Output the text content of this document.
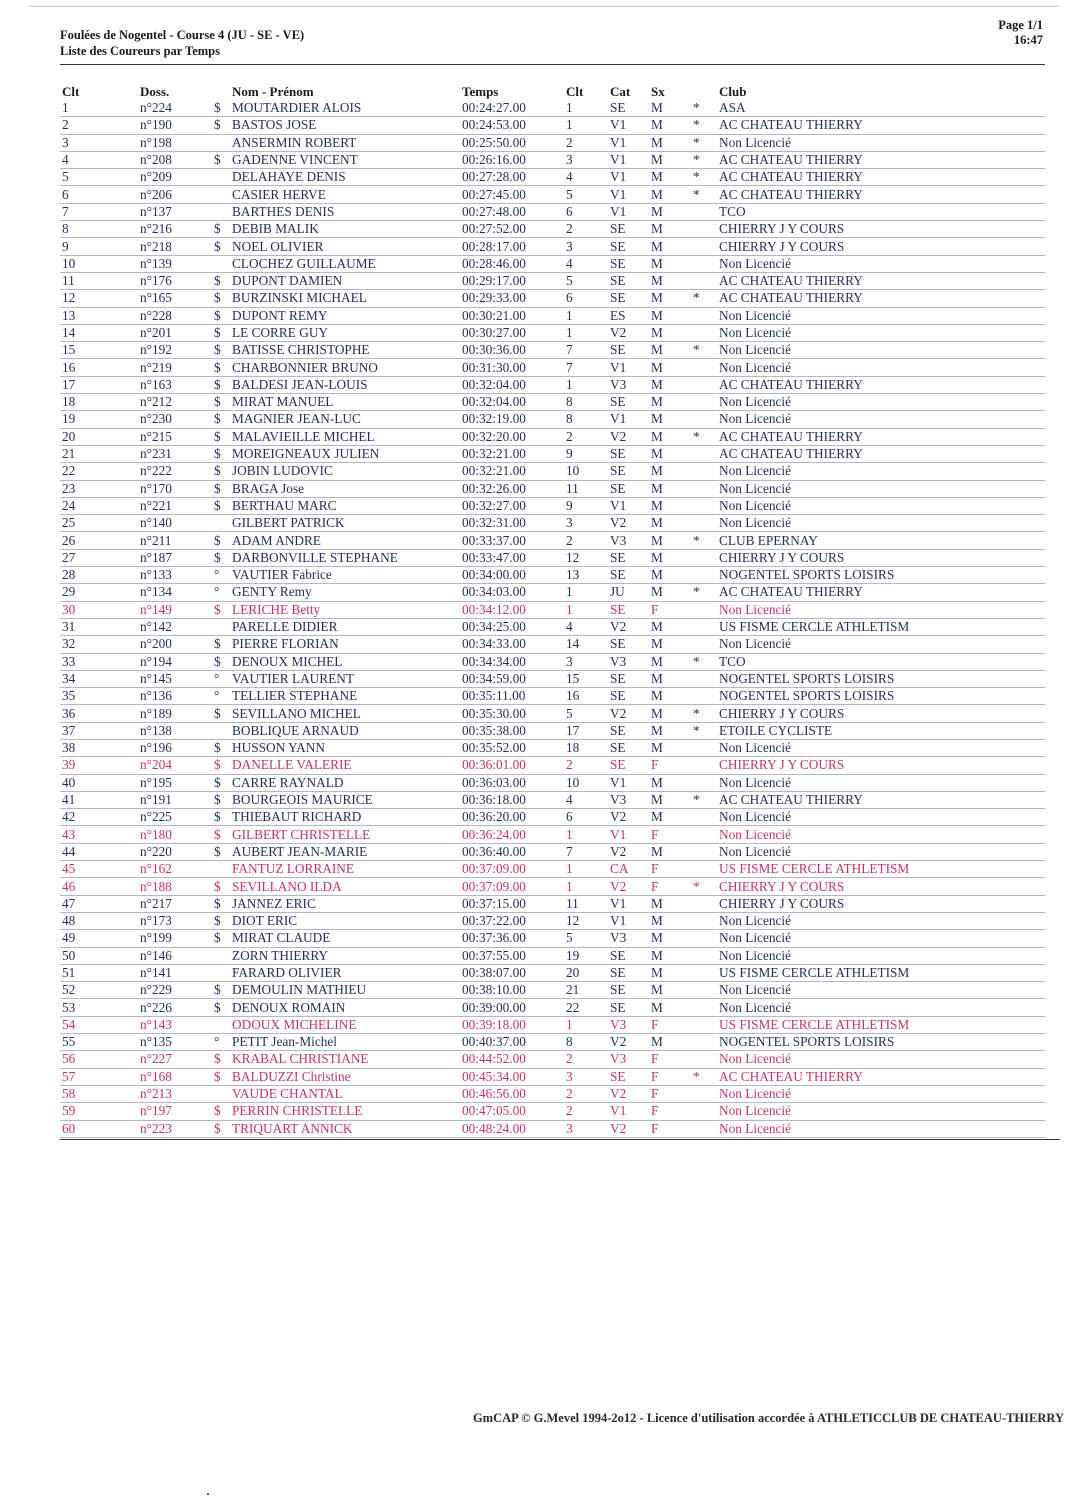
Foulées de Nogentel - Course 4 (JU - SE - VE)
Liste des Coureurs par Temps
Page 1/1
16:47
Clt	Doss.		Nom - Prénom	Temps	Clt	Cat	Sx		Club
1	n°224	$	MOUTARDIER ALOIS	00:24:27.00	1	SE	M	*	ASA
2	n°190	$	BASTOS JOSE	00:24:53.00	1	V1	M	*	AC CHATEAU THIERRY
3	n°198		ANSERMIN ROBERT	00:25:50.00	2	V1	M	*	Non Licencié
4	n°208	$	GADENNE VINCENT	00:26:16.00	3	V1	M	*	AC CHATEAU THIERRY
5	n°209		DELAHAYE DENIS	00:27:28.00	4	V1	M	*	AC CHATEAU THIERRY
6	n°206		CASIER HERVE	00:27:45.00	5	V1	M	*	AC CHATEAU THIERRY
7	n°137		BARTHES DENIS	00:27:48.00	6	V1	M		TCO
8	n°216	$	DEBIB MALIK	00:27:52.00	2	SE	M		CHIERRY J Y COURS
9	n°218	$	NOEL OLIVIER	00:28:17.00	3	SE	M		CHIERRY J Y COURS
10	n°139		CLOCHEZ GUILLAUME	00:28:46.00	4	SE	M		Non Licencié
11	n°176	$	DUPONT DAMIEN	00:29:17.00	5	SE	M		AC CHATEAU THIERRY
12	n°165	$	BURZINSKI MICHAEL	00:29:33.00	6	SE	M	*	AC CHATEAU THIERRY
13	n°228	$	DUPONT REMY	00:30:21.00	1	ES	M		Non Licencié
14	n°201	$	LE CORRE GUY	00:30:27.00	1	V2	M		Non Licencié
15	n°192	$	BATISSE CHRISTOPHE	00:30:36.00	7	SE	M	*	Non Licencié
16	n°219	$	CHARBONNIER BRUNO	00:31:30.00	7	V1	M		Non Licencié
17	n°163	$	BALDESI JEAN-LOUIS	00:32:04.00	1	V3	M		AC CHATEAU THIERRY
18	n°212	$	MIRAT MANUEL	00:32:04.00	8	SE	M		Non Licencié
19	n°230	$	MAGNIER JEAN-LUC	00:32:19.00	8	V1	M		Non Licencié
20	n°215	$	MALAVIEILLE MICHEL	00:32:20.00	2	V2	M	*	AC CHATEAU THIERRY
21	n°231	$	MOREIGNEAUX JULIEN	00:32:21.00	9	SE	M		AC CHATEAU THIERRY
22	n°222	$	JOBIN LUDOVIC	00:32:21.00	10	SE	M		Non Licencié
23	n°170	$	BRAGA Jose	00:32:26.00	11	SE	M		Non Licencié
24	n°221	$	BERTHAU MARC	00:32:27.00	9	V1	M		Non Licencié
25	n°140		GILBERT PATRICK	00:32:31.00	3	V2	M		Non Licencié
26	n°211	$	ADAM ANDRE	00:33:37.00	2	V3	M	*	CLUB EPERNAY
27	n°187	$	DARBONVILLE STEPHANE	00:33:47.00	12	SE	M		CHIERRY J Y COURS
28	n°133	°	VAUTIER Fabrice	00:34:00.00	13	SE	M		NOGENTEL SPORTS LOISIRS
29	n°134	°	GENTY Remy	00:34:03.00	1	JU	M	*	AC CHATEAU THIERRY
30	n°149	$	LERICHE Betty	00:34:12.00	1	SE	F		Non Licencié
31	n°142		PARELLE DIDIER	00:34:25.00	4	V2	M		US FISME CERCLE ATHLETISM
32	n°200	$	PIERRE FLORIAN	00:34:33.00	14	SE	M		Non Licencié
33	n°194	$	DENOUX MICHEL	00:34:34.00	3	V3	M	*	TCO
34	n°145	°	VAUTIER LAURENT	00:34:59.00	15	SE	M		NOGENTEL SPORTS LOISIRS
35	n°136	°	TELLIER STEPHANE	00:35:11.00	16	SE	M		NOGENTEL SPORTS LOISIRS
36	n°189	$	SEVILLANO MICHEL	00:35:30.00	5	V2	M	*	CHIERRY J Y COURS
37	n°138		BOBLIQUE ARNAUD	00:35:38.00	17	SE	M	*	ETOILE CYCLISTE
38	n°196	$	HUSSON YANN	00:35:52.00	18	SE	M		Non Licencié
39	n°204	$	DANELLE VALERIE	00:36:01.00	2	SE	F		CHIERRY J Y COURS
40	n°195	$	CARRE RAYNALD	00:36:03.00	10	V1	M		Non Licencié
41	n°191	$	BOURGEOIS MAURICE	00:36:18.00	4	V3	M	*	AC CHATEAU THIERRY
42	n°225	$	THIEBAUT RICHARD	00:36:20.00	6	V2	M		Non Licencié
43	n°180	$	GILBERT CHRISTELLE	00:36:24.00	1	V1	F		Non Licencié
44	n°220	$	AUBERT JEAN-MARIE	00:36:40.00	7	V2	M		Non Licencié
45	n°162		FANTUZ LORRAINE	00:37:09.00	1	CA	F		US FISME CERCLE ATHLETISM
46	n°188	$	SEVILLANO ILDA	00:37:09.00	1	V2	F	*	CHIERRY J Y COURS
47	n°217	$	JANNEZ ERIC	00:37:15.00	11	V1	M		CHIERRY J Y COURS
48	n°173	$	DIOT ERIC	00:37:22.00	12	V1	M		Non Licencié
49	n°199	$	MIRAT CLAUDE	00:37:36.00	5	V3	M		Non Licencié
50	n°146		ZORN THIERRY	00:37:55.00	19	SE	M		Non Licencié
51	n°141		FARARD OLIVIER	00:38:07.00	20	SE	M		US FISME CERCLE ATHLETISM
52	n°229	$	DEMOULIN MATHIEU	00:38:10.00	21	SE	M		Non Licencié
53	n°226	$	DENOUX ROMAIN	00:39:00.00	22	SE	M		Non Licencié
54	n°143		ODOUX MICHELINE	00:39:18.00	1	V3	F		US FISME CERCLE ATHLETISM
55	n°135	°	PETIT Jean-Michel	00:40:37.00	8	V2	M		NOGENTEL SPORTS LOISIRS
56	n°227	$	KRABAL CHRISTIANE	00:44:52.00	2	V3	F		Non Licencié
57	n°168	$	BALDUZZI Christine	00:45:34.00	3	SE	F	*	AC CHATEAU THIERRY
58	n°213		VAUDE CHANTAL	00:46:56.00	2	V2	F		Non Licencié
59	n°197	$	PERRIN CHRISTELLE	00:47:05.00	2	V1	F		Non Licencié
60	n°223	$	TRIQUART ANNICK	00:48:24.00	3	V2	F		Non Licencié
GmCAP © G.Mevel 1994-2o12 - Licence d'utilisation accordée à ATHLETICCLUB DE CHATEAU-THIERRY
